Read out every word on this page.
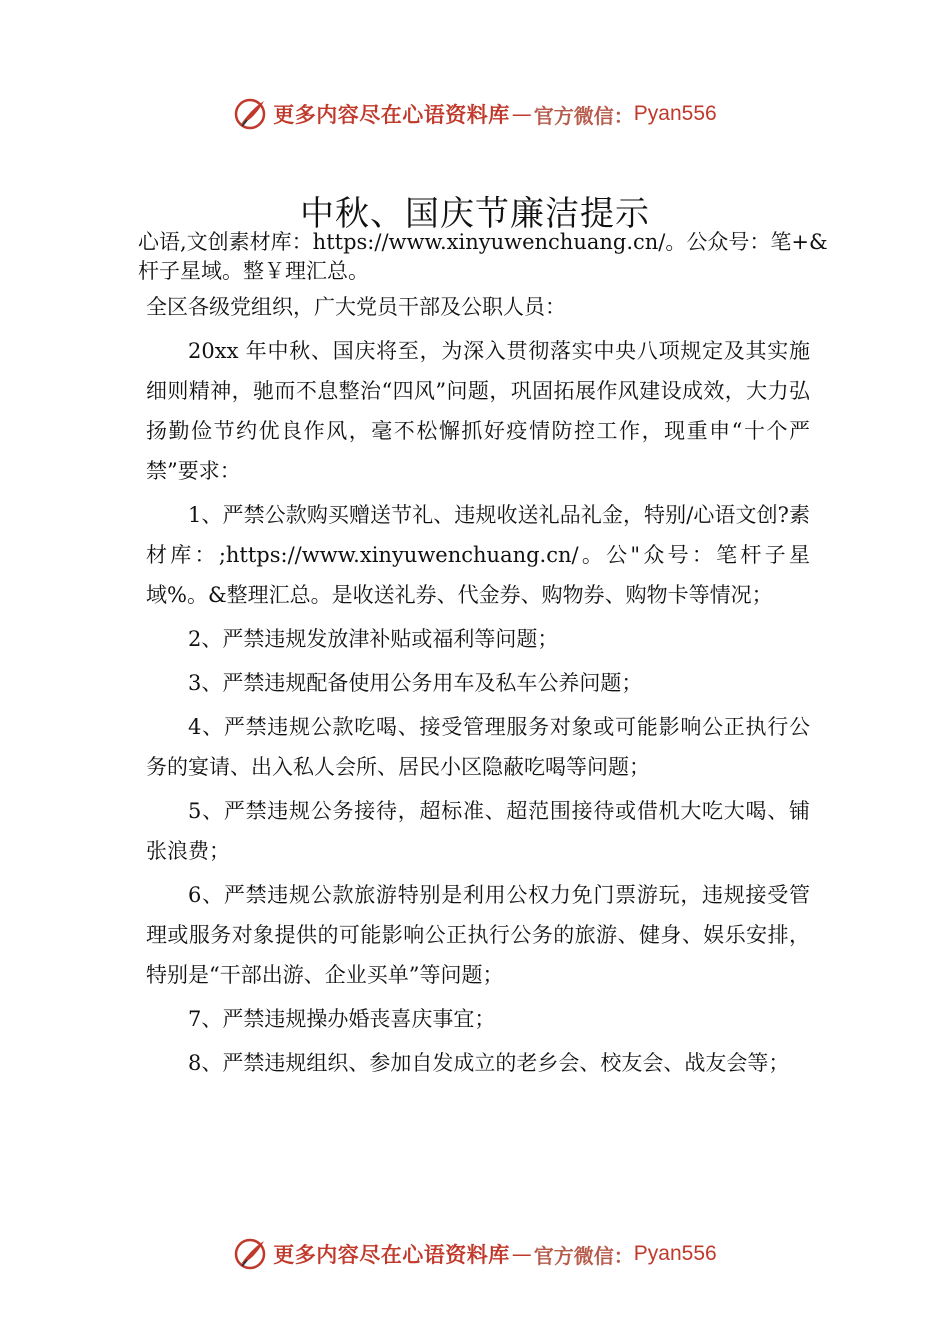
更多内容尽在心语资料库 — 官方微信： Pyan556
中秋、国庆节廉洁提示
心语,文创素材库：https://www.xinyuwenchuang.cn/。公众号：笔+&杆子星域。整￥理汇总。

全区各级党组织，广大党员干部及公职人员：

20xx 年中秋、国庆将至，为深入贯彻落实中央八项规定及其实施细则精神，驰而不息整治“四风”问题，巩固拓展作风建设成效，大力弘扬勤俭节约优良作风，毫不松懈抓好疫情防控工作，现重申“十个严禁”要求：

1、严禁公款购买赠送节礼、违规收送礼品礼金，特别/心语文创?素材库：;https://www.xinyuwenchuang.cn/。公"众号：笔杆子星域%。&整理汇总。是收送礼券、代金券、购物券、购物卡等情况；

2、严禁违规发放津补贴或福利等问题；

3、严禁违规配备使用公务用车及私车公养问题；

4、严禁违规公款吃喝、接受管理服务对象或可能影响公正执行公务的宴请、出入私人会所、居民小区隐蔽吃喝等问题；

5、严禁违规公务接待，超标准、超范围接待或借机大吃大喝、铺张浪费；

6、严禁违规公款旅游特别是利用公权力免门票游玩，违规接受管理或服务对象提供的可能影响公正执行公务的旅游、健身、娱乐安排，特别是“干部出游、企业买单”等问题；

7、严禁违规操办婚丧喜庆事宜；

8、严禁违规组织、参加自发成立的老乡会、校友会、战友会等；

更多内容尽在心语资料库 — 官方微信： Pyan556
